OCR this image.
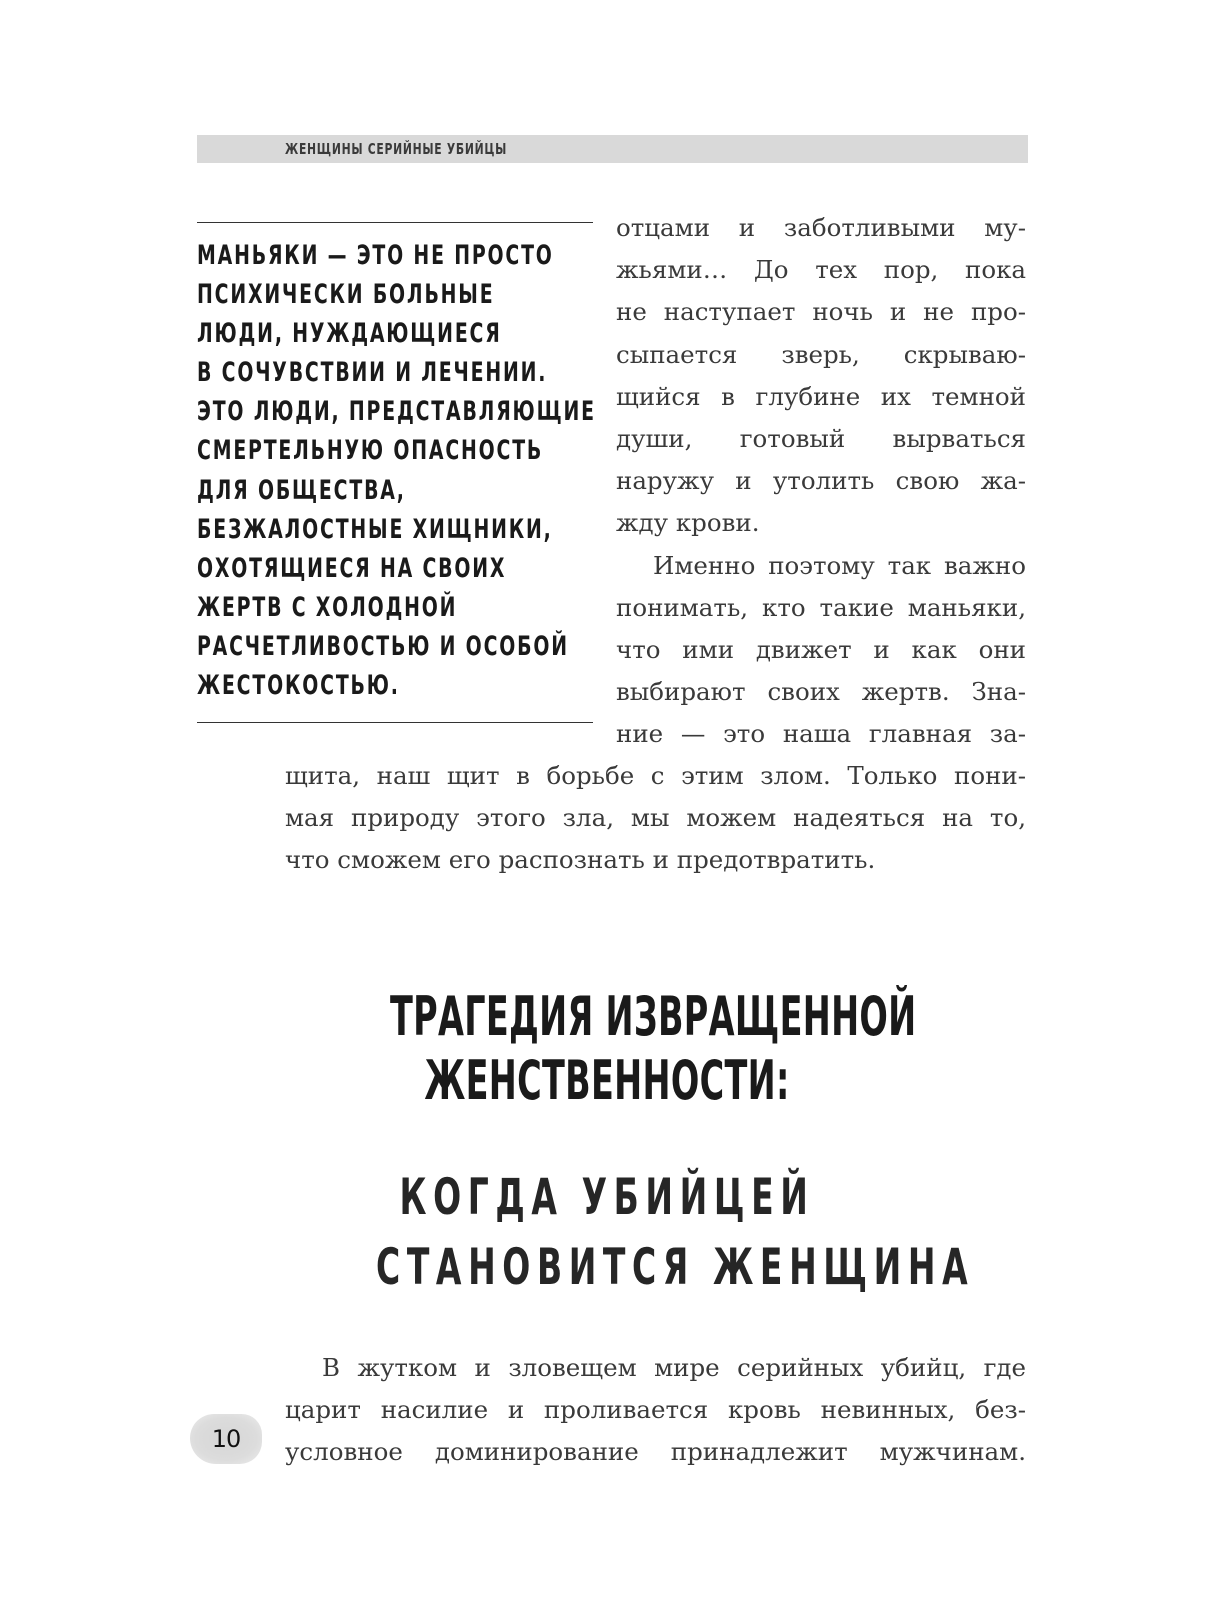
ЖЕНЩИНЫ СЕРИЙНЫЕ УБИЙЦЫ
МАНЬЯКИ — ЭТО НЕ ПРОСТО
ПСИХИЧЕСКИ БОЛЬНЫЕ
ЛЮДИ, НУЖДАЮЩИЕСЯ
В СОЧУВСТВИИ И ЛЕЧЕНИИ.
ЭТО ЛЮДИ, ПРЕДСТАВЛЯЮЩИЕ
СМЕРТЕЛЬНУЮ ОПАСНОСТЬ
ДЛЯ ОБЩЕСТВА,
БЕЗЖАЛОСТНЫЕ ХИЩНИКИ,
ОХОТЯЩИЕСЯ НА СВОИХ
ЖЕРТВ С ХОЛОДНОЙ
РАСЧЕТЛИВОСТЬЮ И ОСОБОЙ
ЖЕСТОКОСТЬЮ.
отцами и заботливыми му-
жьями… До тех пор, пока
не наступает ночь и не про-
сыпается зверь, скрываю-
щийся в глубине их темной
души, готовый вырваться
наружу и утолить свою жа-
жду крови.
Именно поэтому так важно
понимать, кто такие маньяки,
что ими движет и как они
выбирают своих жертв. Зна-
ние — это наша главная за-
щита, наш щит в борьбе с этим злом. Только пони-
мая природу этого зла, мы можем надеяться на то,
что сможем его распознать и предотвратить.
ТРАГЕДИЯ ИЗВРАЩЕННОЙ
ЖЕНСТВЕННОСТИ:
КОГДА УБИЙЦЕЙ
СТАНОВИТСЯ ЖЕНЩИНА
В жутком и зловещем мире серийных убийц, где
царит насилие и проливается кровь невинных, без-
условное доминирование принадлежит мужчинам.
10
